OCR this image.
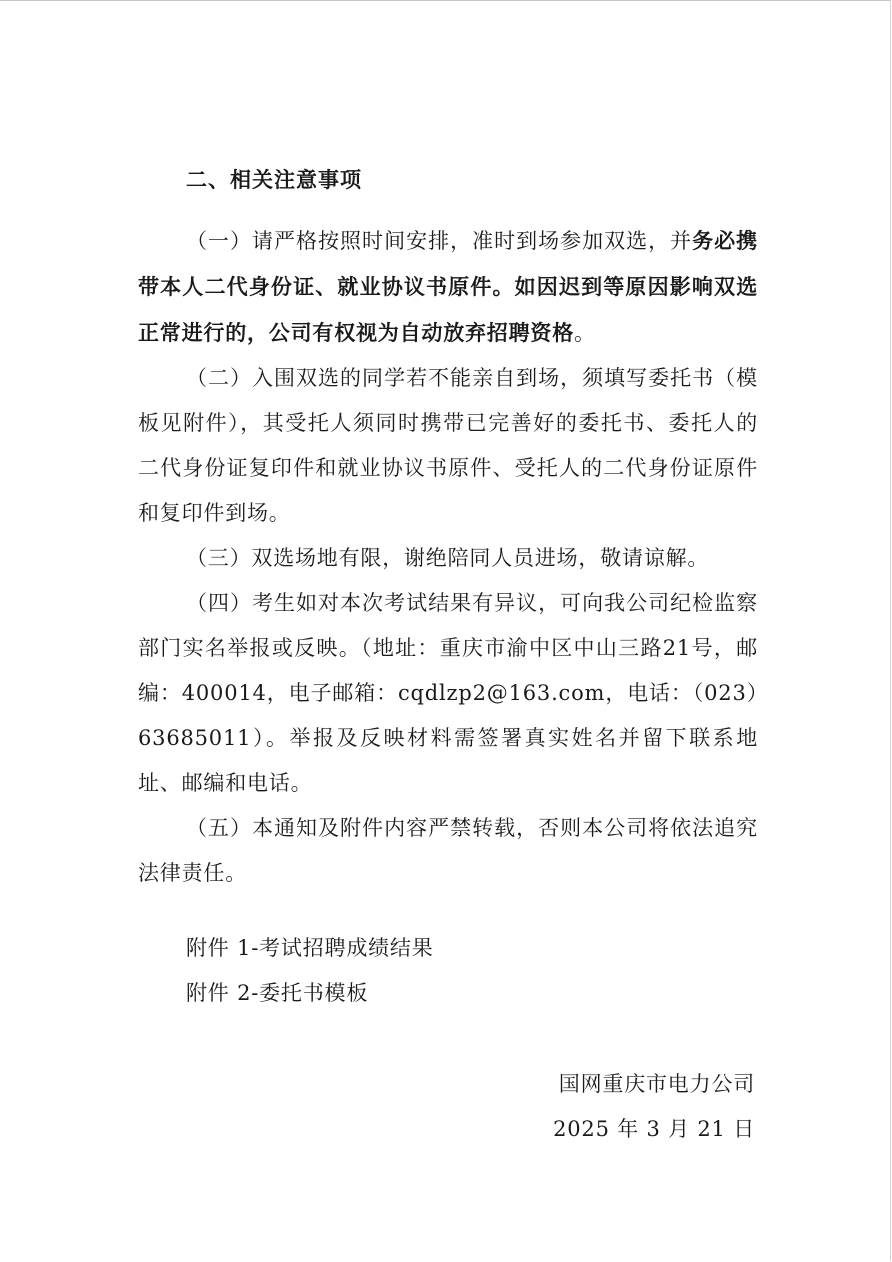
二、相关注意事项

（一）请严格按照时间安排，准时到场参加双选，并务必携带本人二代身份证、就业协议书原件。如因迟到等原因影响双选正常进行的，公司有权视为自动放弃招聘资格。

（二）入围双选的同学若不能亲自到场，须填写委托书（模板见附件），其受托人须同时携带已完善好的委托书、委托人的二代身份证复印件和就业协议书原件、受托人的二代身份证原件和复印件到场。

（三）双选场地有限，谢绝陪同人员进场，敬请谅解。

（四）考生如对本次考试结果有异议，可向我公司纪检监察部门实名举报或反映。（地址：重庆市渝中区中山三路21号，邮编：400014，电子邮箱：cqdlzp2@163.com，电话：（023）63685011）。举报及反映材料需签署真实姓名并留下联系地址、邮编和电话。

（五）本通知及附件内容严禁转载，否则本公司将依法追究法律责任。

附件 1-考试招聘成绩结果
附件 2-委托书模板
国网重庆市电力公司
2025 年 3 月 21 日
